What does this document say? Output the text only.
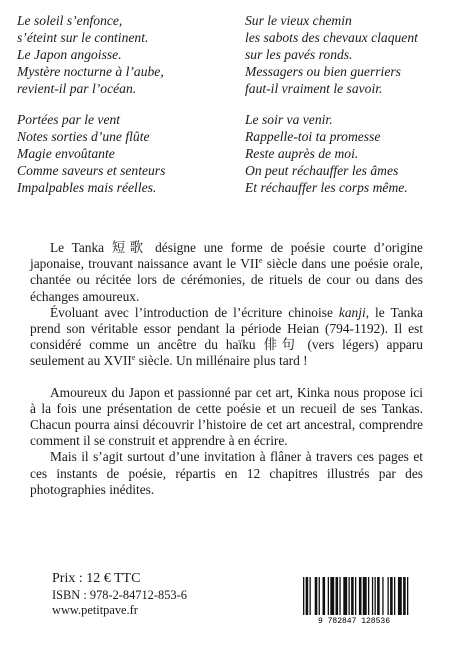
Le soleil s’enfonce,
s’éteint sur le continent.
Le Japon angoisse.
Mystère nocturne à l’aube,
revient-il par l’océan.
Sur le vieux chemin
les sabots des chevaux claquent
sur les pavés ronds.
Messagers ou bien guerriers
faut-il vraiment le savoir.
Portées par le vent
Notes sorties d’une flûte
Magie envoûtante
Comme saveurs et senteurs
Impalpables mais réelles.
Le soir va venir.
Rappelle-toi ta promesse
Reste auprès de moi.
On peut réchauffer les âmes
Et réchauffer les corps même.

Le Tanka 短歌 désigne une forme de poésie courte d’origine japonaise, trouvant naissance avant le VIIe siècle dans une poésie orale, chantée ou récitée lors de cérémonies, de rituels de cour ou dans des échanges amoureux.

Évoluant avec l’introduction de l’écriture chinoise kanji, le Tanka prend son véritable essor pendant la période Heian (794-1192). Il est considéré comme un ancêtre du haïku 俳句 (vers légers) apparu seulement au XVIIe siècle. Un millénaire plus tard !

Amoureux du Japon et passionné par cet art, Kinka nous propose ici à la fois une présentation de cette poésie et un recueil de ses Tankas. Chacun pourra ainsi découvrir l’histoire de cet art ancestral, comprendre comment il se construit et apprendre à en écrire.

Mais il s’agit surtout d’une invitation à flâner à travers ces pages et ces instants de poésie, répartis en 12 chapitres illustrés par des photographies inédites.

Prix : 12 € TTC
ISBN : 978-2-84712-853-6
www.petitpave.fr
9 782847 128536
